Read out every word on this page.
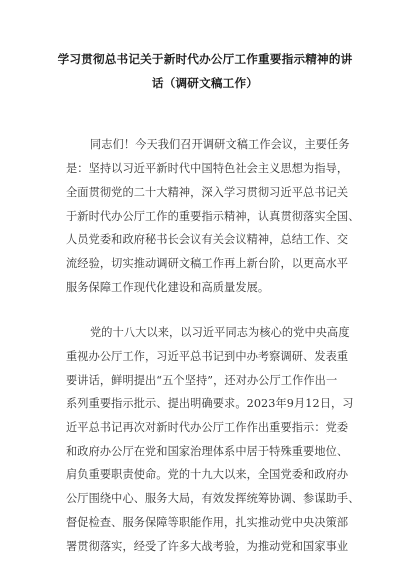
学习贯彻总书记关于新时代办公厅工作重要指示精神的讲
话（调研文稿工作）
同志们！今天我们召开调研文稿工作会议，主要任务
是：坚持以习近平新时代中国特色社会主义思想为指导，
全面贯彻党的二十大精神，深入学习贯彻习近平总书记关
于新时代办公厅工作的重要指示精神，认真贯彻落实全国、
人员党委和政府秘书长会议有关会议精神，总结工作、交
流经验，切实推动调研文稿工作再上新台阶，以更高水平
服务保障工作现代化建设和高质量发展。
党的十八大以来，以习近平同志为核心的党中央高度
重视办公厅工作，习近平总书记到中办考察调研、发表重
要讲话，鲜明提出“五个坚持”，还对办公厅工作作出一
系列重要指示批示、提出明确要求。2023年9月12日，习
近平总书记再次对新时代办公厅工作作出重要指示：党委
和政府办公厅在党和国家治理体系中居于特殊重要地位、
肩负重要职责使命。党的十九大以来，全国党委和政府办
公厅围绕中心、服务大局，有效发挥统筹协调、参谋助手、
督促检查、服务保障等职能作用，扎实推动党中央决策部
署贯彻落实，经受了许多大战考验，为推动党和国家事业
